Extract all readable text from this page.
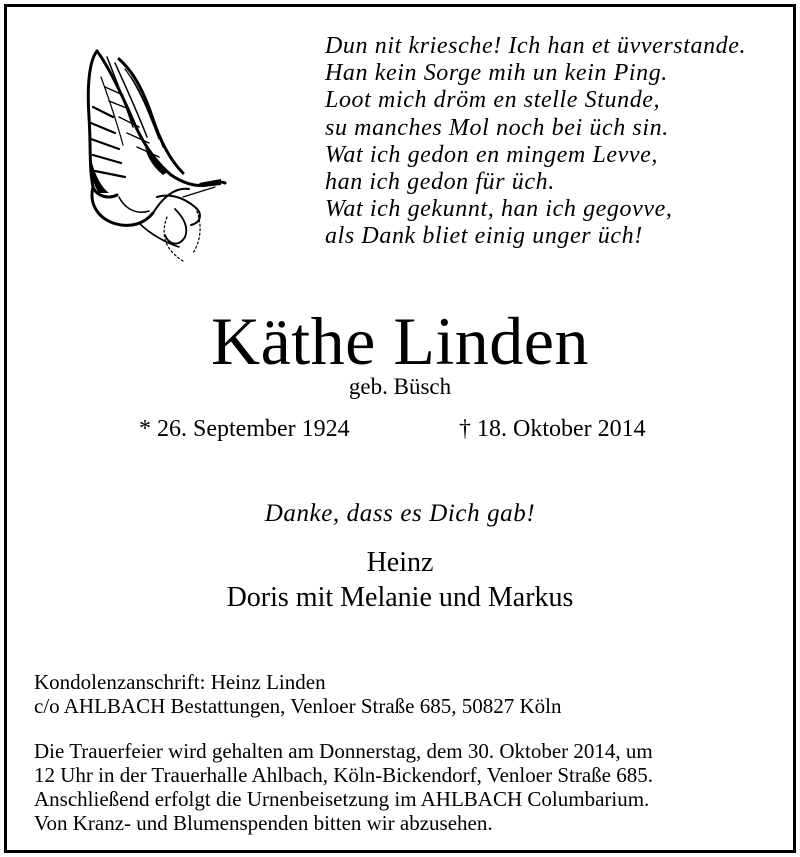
Dun nit kriesche! Ich han et üvverstande.
Han kein Sorge mih un kein Ping.
Loot mich dröm en stelle Stunde,
su manches Mol noch bei üch sin.
Wat ich gedon en mingem Levve,
han ich gedon für üch.
Wat ich gekunnt, han ich gegovve,
als Dank bliet einig unger üch!
Käthe Linden
geb. Büsch
* 26. September 1924	† 18. Oktober 2014
Danke, dass es Dich gab!
Heinz
Doris mit Melanie und Markus
Kondolenzanschrift: Heinz Linden
c/o AHLBACH Bestattungen, Venloer Straße 685, 50827 Köln
Die Trauerfeier wird gehalten am Donnerstag, dem 30. Oktober 2014, um
12 Uhr in der Trauerhalle Ahlbach, Köln-Bickendorf, Venloer Straße 685.
Anschließend erfolgt die Urnenbeisetzung im AHLBACH Columbarium.
Von Kranz- und Blumenspenden bitten wir abzusehen.
